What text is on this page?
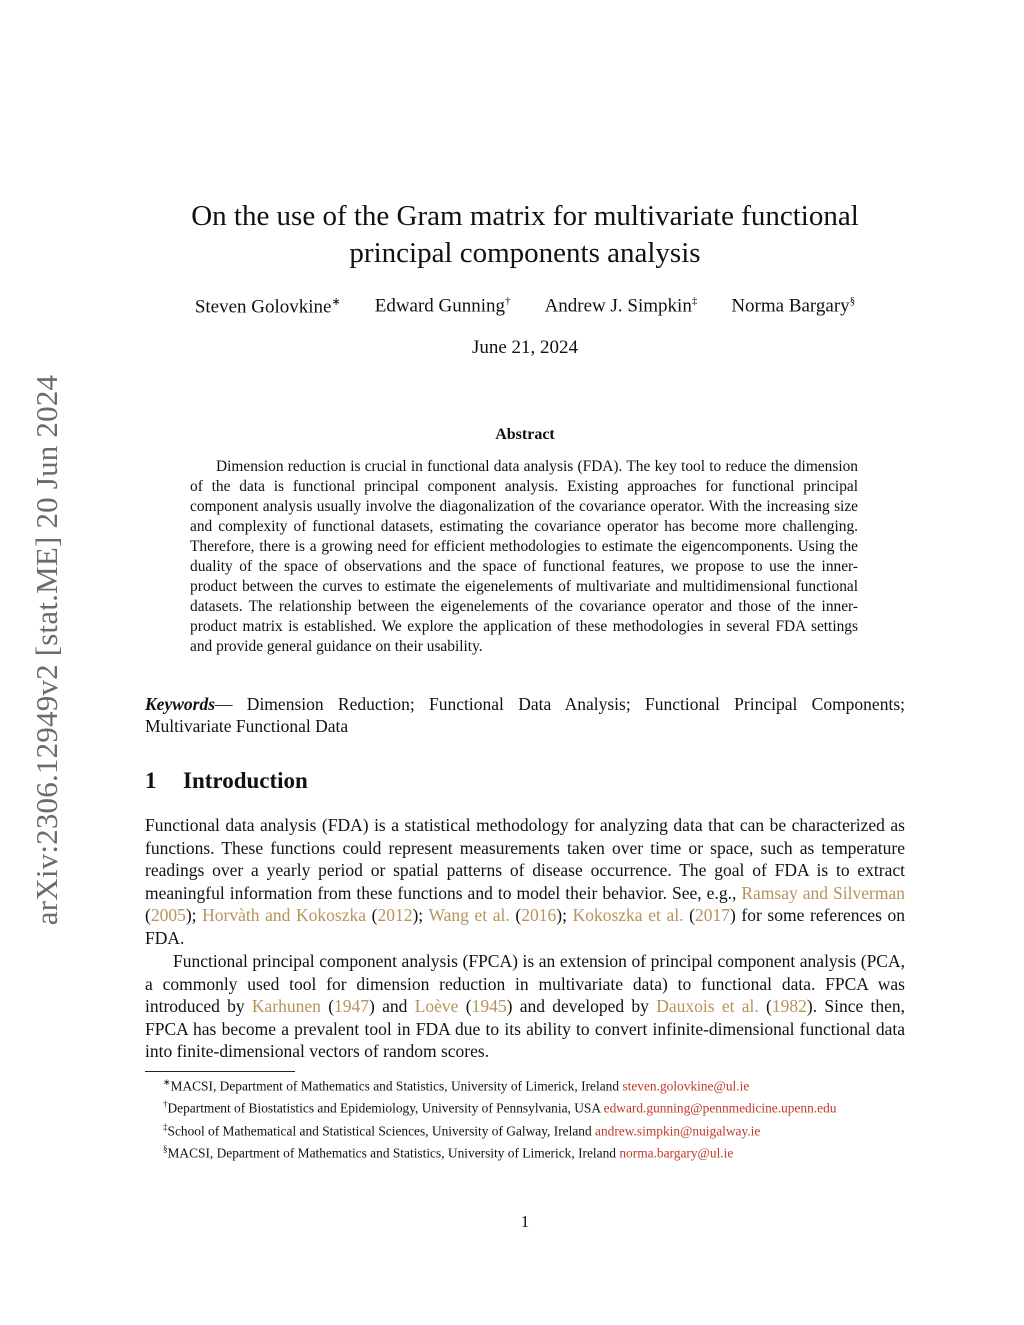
arXiv:2306.12949v2 [stat.ME] 20 Jun 2024
On the use of the Gram matrix for multivariate functional
principal components analysis
Steven Golovkine∗ Edward Gunning† Andrew J. Simpkin‡ Norma Bargary§
June 21, 2024
Abstract

Dimension reduction is crucial in functional data analysis (FDA). The key tool to reduce the dimension of the data is functional principal component analysis. Existing approaches for functional principal component analysis usually involve the diagonalization of the covariance operator. With the increasing size and complexity of functional datasets, estimating the covariance operator has become more challenging. Therefore, there is a growing need for efficient methodologies to estimate the eigencomponents. Using the duality of the space of observations and the space of functional features, we propose to use the inner-product between the curves to estimate the eigenelements of multivariate and multidimensional functional datasets. The relationship between the eigenelements of the covariance operator and those of the inner-product matrix is established. We explore the application of these methodologies in several FDA settings and provide general guidance on their usability.

Keywords— Dimension Reduction; Functional Data Analysis; Functional Principal Components; Multivariate Functional Data

1 Introduction

Functional data analysis (FDA) is a statistical methodology for analyzing data that can be characterized as functions. These functions could represent measurements taken over time or space, such as temperature readings over a yearly period or spatial patterns of disease occurrence. The goal of FDA is to extract meaningful information from these functions and to model their behavior. See, e.g., Ramsay and Silverman (2005); Horvàth and Kokoszka (2012); Wang et al. (2016); Kokoszka et al. (2017) for some references on FDA.

Functional principal component analysis (FPCA) is an extension of principal component analysis (PCA, a commonly used tool for dimension reduction in multivariate data) to functional data. FPCA was introduced by Karhunen (1947) and Loève (1945) and developed by Dauxois et al. (1982). Since then, FPCA has become a prevalent tool in FDA due to its ability to convert infinite-dimensional functional data into finite-dimensional vectors of random scores.

∗MACSI, Department of Mathematics and Statistics, University of Limerick, Ireland steven.golovkine@ul.ie

†Department of Biostatistics and Epidemiology, University of Pennsylvania, USA edward.gunning@pennmedicine.upenn.edu

‡School of Mathematical and Statistical Sciences, University of Galway, Ireland andrew.simpkin@nuigalway.ie

§MACSI, Department of Mathematics and Statistics, University of Limerick, Ireland norma.bargary@ul.ie

1
